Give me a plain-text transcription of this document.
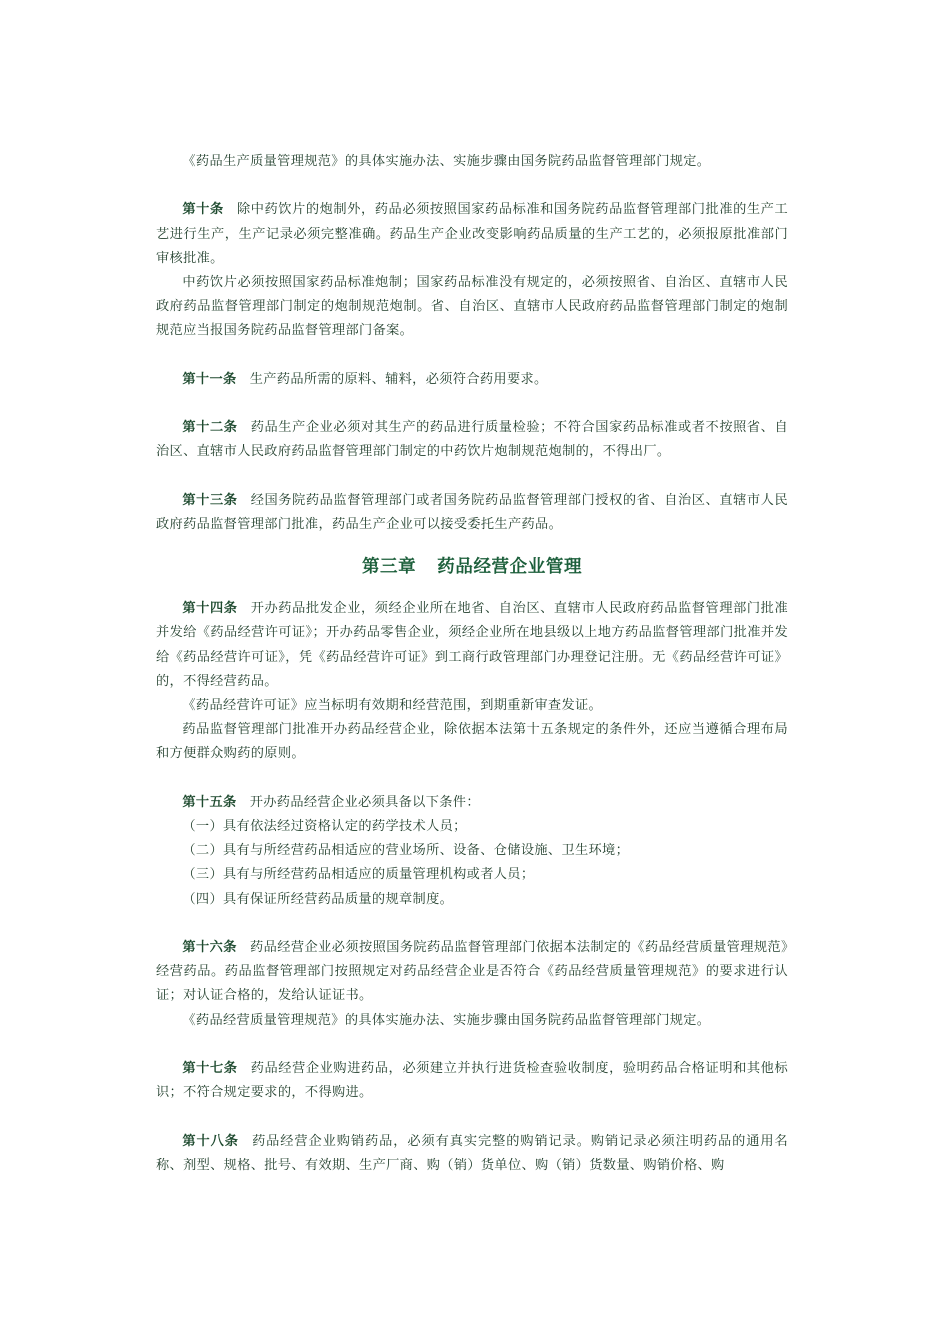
《药品生产质量管理规范》的具体实施办法、实施步骤由国务院药品监督管理部门规定。

第十条 除中药饮片的炮制外，药品必须按照国家药品标准和国务院药品监督管理部门批准的生产工艺进行生产，生产记录必须完整准确。药品生产企业改变影响药品质量的生产工艺的，必须报原批准部门审核批准。

中药饮片必须按照国家药品标准炮制；国家药品标准没有规定的，必须按照省、自治区、直辖市人民政府药品监督管理部门制定的炮制规范炮制。省、自治区、直辖市人民政府药品监督管理部门制定的炮制规范应当报国务院药品监督管理部门备案。

第十一条 生产药品所需的原料、辅料，必须符合药用要求。

第十二条 药品生产企业必须对其生产的药品进行质量检验；不符合国家药品标准或者不按照省、自治区、直辖市人民政府药品监督管理部门制定的中药饮片炮制规范炮制的，不得出厂。

第十三条 经国务院药品监督管理部门或者国务院药品监督管理部门授权的省、自治区、直辖市人民政府药品监督管理部门批准，药品生产企业可以接受委托生产药品。

第三章 药品经营企业管理

第十四条 开办药品批发企业，须经企业所在地省、自治区、直辖市人民政府药品监督管理部门批准并发给《药品经营许可证》；开办药品零售企业，须经企业所在地县级以上地方药品监督管理部门批准并发给《药品经营许可证》，凭《药品经营许可证》到工商行政管理部门办理登记注册。无《药品经营许可证》的，不得经营药品。

《药品经营许可证》应当标明有效期和经营范围，到期重新审查发证。

药品监督管理部门批准开办药品经营企业，除依据本法第十五条规定的条件外，还应当遵循合理布局和方便群众购药的原则。

第十五条 开办药品经营企业必须具备以下条件：

（一）具有依法经过资格认定的药学技术人员；

（二）具有与所经营药品相适应的营业场所、设备、仓储设施、卫生环境；

（三）具有与所经营药品相适应的质量管理机构或者人员；

（四）具有保证所经营药品质量的规章制度。

第十六条 药品经营企业必须按照国务院药品监督管理部门依据本法制定的《药品经营质量管理规范》经营药品。药品监督管理部门按照规定对药品经营企业是否符合《药品经营质量管理规范》的要求进行认证；对认证合格的，发给认证证书。

《药品经营质量管理规范》的具体实施办法、实施步骤由国务院药品监督管理部门规定。

第十七条 药品经营企业购进药品，必须建立并执行进货检查验收制度，验明药品合格证明和其他标识；不符合规定要求的，不得购进。

第十八条 药品经营企业购销药品，必须有真实完整的购销记录。购销记录必须注明药品的通用名称、剂型、规格、批号、有效期、生产厂商、购（销）货单位、购（销）货数量、购销价格、购
